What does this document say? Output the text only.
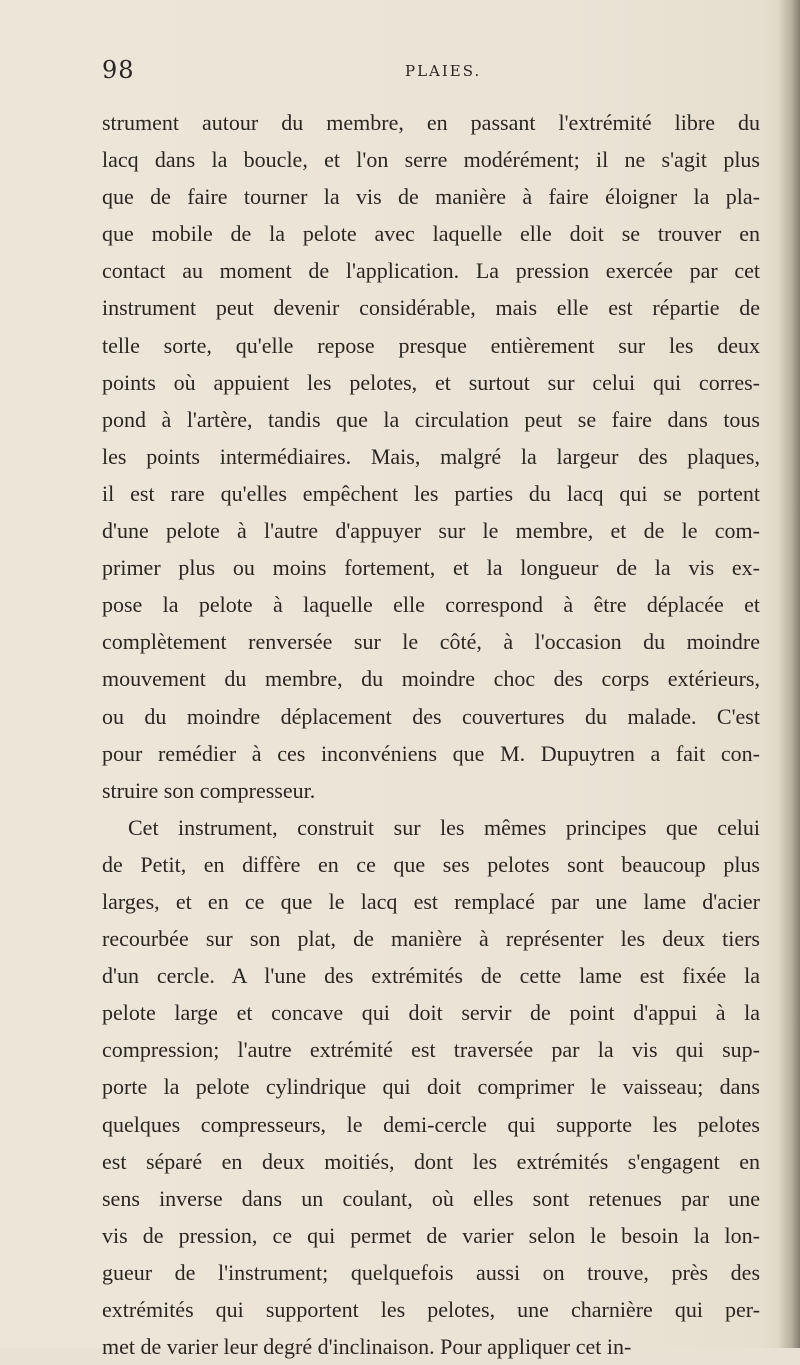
98	PLAIES.
strument autour du membre, en passant l'extrémité libre du
lacq dans la boucle, et l'on serre modérément; il ne s'agit plus
que de faire tourner la vis de manière à faire éloigner la pla-
que mobile de la pelote avec laquelle elle doit se trouver en
contact au moment de l'application. La pression exercée par cet
instrument peut devenir considérable, mais elle est répartie de
telle sorte, qu'elle repose presque entièrement sur les deux
points où appuient les pelotes, et surtout sur celui qui corres-
pond à l'artère, tandis que la circulation peut se faire dans tous
les points intermédiaires. Mais, malgré la largeur des plaques,
il est rare qu'elles empêchent les parties du lacq qui se portent
d'une pelote à l'autre d'appuyer sur le membre, et de le com-
primer plus ou moins fortement, et la longueur de la vis ex-
pose la pelote à laquelle elle correspond à être déplacée et
complètement renversée sur le côté, à l'occasion du moindre
mouvement du membre, du moindre choc des corps extérieurs,
ou du moindre déplacement des couvertures du malade. C'est
pour remédier à ces inconvéniens que M. Dupuytren a fait con-
struire son compresseur.
Cet instrument, construit sur les mêmes principes que celui
de Petit, en diffère en ce que ses pelotes sont beaucoup plus
larges, et en ce que le lacq est remplacé par une lame d'acier
recourbée sur son plat, de manière à représenter les deux tiers
d'un cercle. A l'une des extrémités de cette lame est fixée la
pelote large et concave qui doit servir de point d'appui à la
compression; l'autre extrémité est traversée par la vis qui sup-
porte la pelote cylindrique qui doit comprimer le vaisseau; dans
quelques compresseurs, le demi-cercle qui supporte les pelotes
est séparé en deux moitiés, dont les extrémités s'engagent en
sens inverse dans un coulant, où elles sont retenues par une
vis de pression, ce qui permet de varier selon le besoin la lon-
gueur de l'instrument; quelquefois aussi on trouve, près des
extrémités qui supportent les pelotes, une charnière qui per-
met de varier leur degré d'inclinaison. Pour appliquer cet in-
